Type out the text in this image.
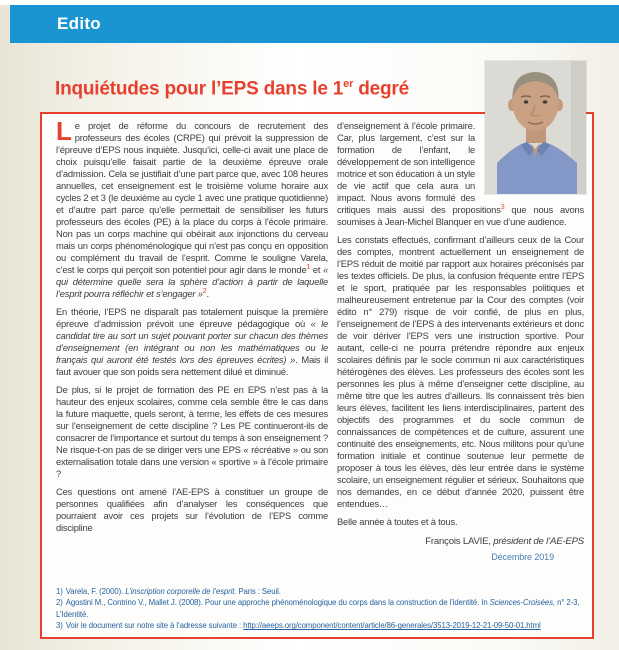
Edito
Inquiétudes pour l’EPS dans le 1er degré

Le projet de réforme du concours de recrutement des professeurs des écoles (CRPE) qui prévoit la suppression de l’épreuve d’EPS nous inquiète. Jusqu’ici, celle-ci avait une place de choix puisqu’elle faisait partie de la deuxième épreuve orale d’admission. Cela se justifiait d’une part parce que, avec 108 heures annuelles, cet enseignement est le troisième volume horaire aux cycles 2 et 3 (le deuxième au cycle 1 avec une pratique quotidienne) et d’autre part parce qu’elle permettait de sensibiliser les futurs professeurs des écoles (PE) à la place du corps à l’école primaire. Non pas un corps machine qui obéirait aux injonctions du cerveau mais un corps phénoménologique qui n’est pas conçu en opposition ou complément du travail de l’esprit. Comme le souligne Varela, c’est le corps qui perçoit son potentiel pour agir dans le monde$^1$ et « qui détermine quelle sera la sphère d’action à partir de laquelle l’esprit pourra réfléchir et s’engager »$^2$.

En théorie, l’EPS ne disparaît pas totalement puisque la première épreuve d’admission prévoit une épreuve pédagogique où « le candidat tire au sort un sujet pouvant porter sur chacun des thèmes d’enseignement (en intégrant ou non les mathématiques ou le français qui auront été testés lors des épreuves écrites) ». Mais il faut avouer que son poids sera nettement dilué et diminué.

De plus, si le projet de formation des PE en EPS n’est pas à la hauteur des enjeux scolaires, comme cela semble être le cas dans la future maquette, quels seront, à terme, les effets de ces mesures sur l’enseignement de cette discipline ? Les PE continueront-ils de consacrer de l’importance et surtout du temps à son enseignement ? Ne risque-t-on pas de se diriger vers une EPS « récréative » ou son externalisation totale dans une version « sportive » à l’école primaire ?

Ces questions ont amené l’AE-EPS à constituer un groupe de personnes qualifiées afin d’analyser les conséquences que pourraient avoir ces projets sur l’évolution de l’EPS comme discipline

d’enseignement à l’école primaire. Car, plus largement, c’est sur la formation de l’enfant, le développement de son intelligence motrice et son éducation à un style de vie actif que cela aura un impact. Nous avons formulé des critiques mais aussi des propositions$^3$ que nous avons soumises à Jean-Michel Blanquer en vue d’une audience.

Les constats effectués, confirmant d’ailleurs ceux de la Cour des comptes, montrent actuellement un enseignement de l’EPS réduit de moitié par rapport aux horaires préconisés par les textes officiels. De plus, la confusion fréquente entre l’EPS et le sport, pratiquée par les responsables politiques et malheureusement entretenue par la Cour des comptes (voir édito n° 279) risque de voir confié, de plus en plus, l’enseignement de l’EPS à des intervenants extérieurs et donc de voir dériver l’EPS vers une instruction sportive. Pour autant, celle-ci ne pourra prétendre répondre aux enjeux scolaires définis par le socle commun ni aux caractéristiques hétérogènes des élèves. Les professeurs des écoles sont les personnes les plus à même d’enseigner cette discipline, au même titre que les autres d’ailleurs. Ils connaissent très bien leurs élèves, facilitent les liens interdisciplinaires, partent des objectifs des programmes et du socle commun de connaissances de compétences et de culture, assurent une continuité des enseignements, etc. Nous militons pour qu’une formation initiale et continue soutenue leur permette de proposer à tous les élèves, dès leur entrée dans le système scolaire, un enseignement régulier et sérieux. Souhaitons que nos demandes, en ce début d’année 2020, puissent être entendues…

Belle année à toutes et à tous.

François LAVIE, président de l’AE-EPS
Décembre 2019
1) Varela, F. (2000). L’inscription corporelle de l’esprit. Paris : Seuil.
2) Agostini M., Contrino V., Mallet J. (2008). Pour une approche phénoménologique du corps dans la construction de l’identité. In Sciences-Croisées, n° 2-3, L’Identité.
3) Voir le document sur notre site à l’adresse suivante : http://aeeps.org/component/content/article/86-generales/3513-2019-12-21-09-50-01.html
